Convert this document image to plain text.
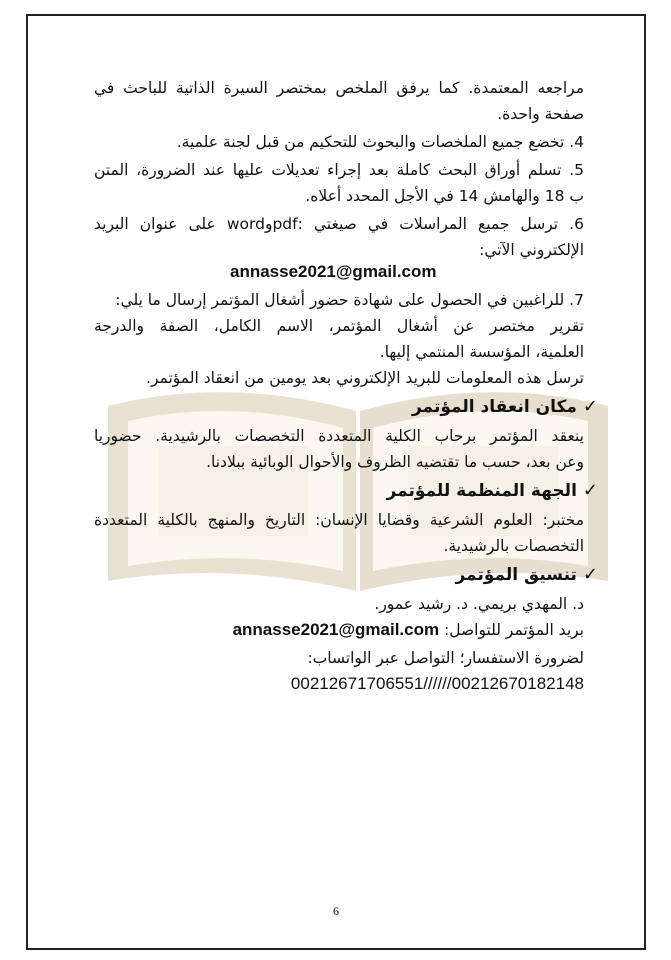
مراجعه المعتمدة. كما يرفق الملخص بمختصر السيرة الذاتية للباحث في
صفحة واحدة.
4. تخضع جميع الملخصات والبحوث للتحكيم من قبل لجنة علمية.
5. تسلم أوراق البحث كاملة بعد إجراء تعديلات عليها عند الضرورة، المتن
ب 18 والهامش 14 في الأجل المحدد أعلاه.
6. ترسل جميع المراسلات في صيغتي :pdfوword على عنوان البريد
الإلكتروني الآتي:
annasse2021@gmail.com
7. للراغبين في الحصول على شهادة حضور أشغال المؤتمر إرسال ما يلي:
تقرير مختصر عن أشغال المؤتمر، الاسم الكامل، الصفة والدرجة
العلمية، المؤسسة المنتمي إليها.
ترسل هذه المعلومات للبريد الإلكتروني بعد يومين من انعقاد المؤتمر.
✓مكان انعقاد المؤتمر
ينعقد المؤتمر برحاب الكلية المتعددة التخصصات بالرشيدية. حضوريا
وعن بعد، حسب ما تقتضيه الظروف والأحوال الوبائية ببلادنا.
✓الجهة المنظمة للمؤتمر
مختبر: العلوم الشرعية وقضايا الإنسان: التاريخ والمنهج بالكلية المتعددة
التخصصات بالرشيدية.
✓تنسيق المؤتمر
د. المهدي بريمي. د. رشيد عمور.
بريد المؤتمر للتواصل: annasse2021@gmail.com
لضرورة الاستفسار؛ التواصل عبر الواتساب:
00212670182148//////00212671706551
6
